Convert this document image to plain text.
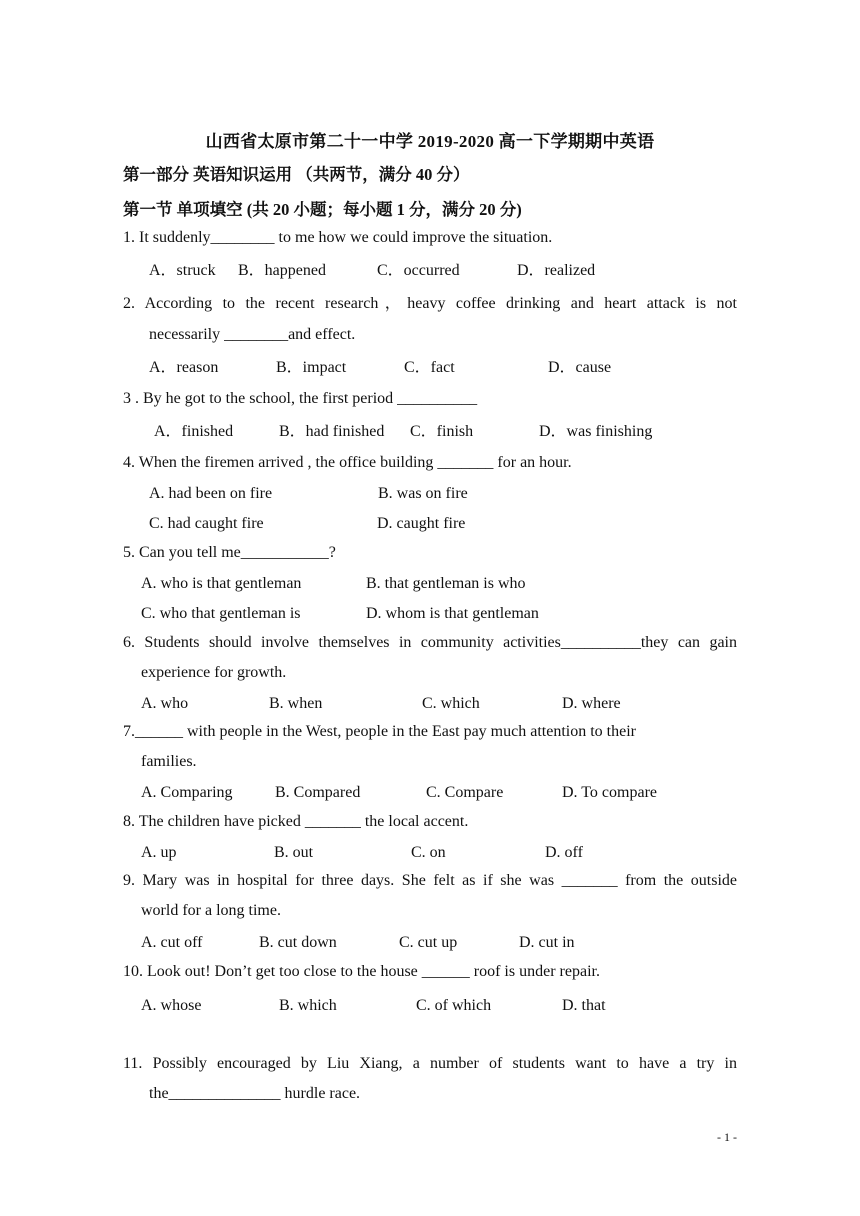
山西省太原市第二十一中学 2019-2020 高一下学期期中英语
第一部分 英语知识运用 （共两节，满分 40 分）
第一节 单项填空 (共 20 小题；每小题 1 分，满分 20 分)
1. It suddenly________ to me how we could improve the situation.
A．struck B．happened	C．occurred	D．realized
2. According to the recent research，heavy coffee drinking and heart attack is not
necessarily ________and effect.
A．reason	B．impact	C．fact	D．cause
3 . By he got to the school, the first period __________
A．finished	B．had finished C．finish	D．was finishing
4. When the firemen arrived , the office building _______ for an hour.
A. had been on fire	B. was on fire
C. had caught fire	D. caught fire
5. Can you tell me___________?
A. who is that gentleman	B. that gentleman is who
C. who that gentleman is	D. whom is that gentleman
6. Students should involve themselves in community activities__________they can gain
experience for growth.
A. who	B. when	C. which	D. where
7.______ with people in the West, people in the East pay much attention to their
families.
A. Comparing	B. Compared	C. Compare	D. To compare
8. The children have picked _______ the local accent.
A. up	B. out	C. on	D. off
9. Mary was in hospital for three days. She felt as if she was _______ from the outside
world for a long time.
A. cut off	B. cut down	C. cut up	D. cut in
10. Look out! Don’t get too close to the house ______ roof is under repair.
A. whose	B. which	C. of which	D. that
11. Possibly encouraged by Liu Xiang, a number of students want to have a try in
the______________ hurdle race.
- 1 -
